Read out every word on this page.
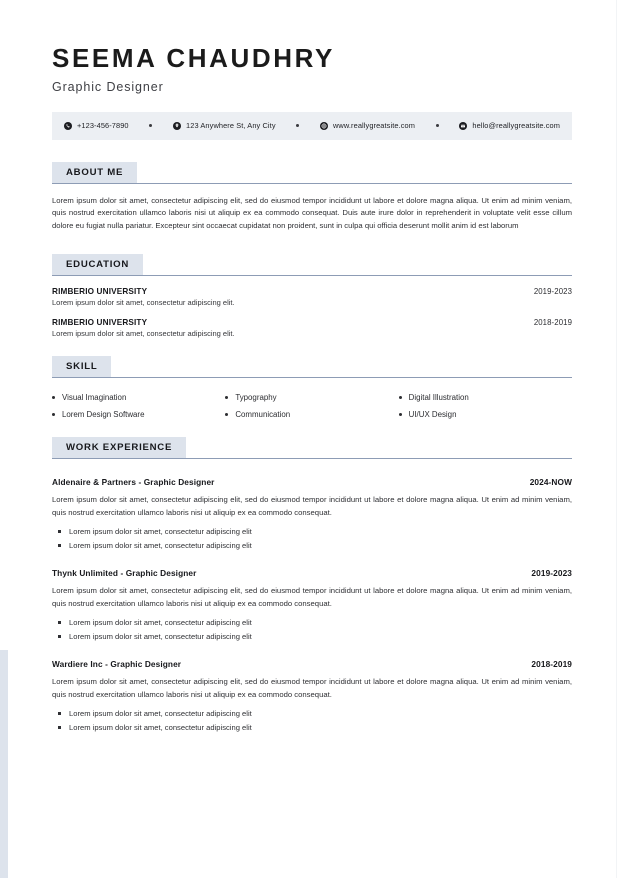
SEEMA CHAUDHRY
Graphic Designer
+123-456-7890	123 Anywhere St, Any City	www.reallygreatsite.com	hello@reallygreatsite.com
ABOUT ME

Lorem ipsum dolor sit amet, consectetur adipiscing elit, sed do eiusmod tempor incididunt ut labore et dolore magna aliqua. Ut enim ad minim veniam, quis nostrud exercitation ullamco laboris nisi ut aliquip ex ea commodo consequat. Duis aute irure dolor in reprehenderit in voluptate velit esse cillum dolore eu fugiat nulla pariatur. Excepteur sint occaecat cupidatat non proident, sunt in culpa qui officia deserunt mollit anim id est laborum

EDUCATION
RIMBERIO UNIVERSITY	2019-2023
Lorem ipsum dolor sit amet, consectetur adipiscing elit.
RIMBERIO UNIVERSITY	2018-2019
Lorem ipsum dolor sit amet, consectetur adipiscing elit.
SKILL
Visual Imagination	Typography	Digital Illustration
Lorem Design Software	Communication	UI/UX Design
WORK EXPERIENCE
Aldenaire & Partners - Graphic Designer	2024-NOW

Lorem ipsum dolor sit amet, consectetur adipiscing elit, sed do eiusmod tempor incididunt ut labore et dolore magna aliqua. Ut enim ad minim veniam, quis nostrud exercitation ullamco laboris nisi ut aliquip ex ea commodo consequat.

Lorem ipsum dolor sit amet, consectetur adipiscing elit
Lorem ipsum dolor sit amet, consectetur adipiscing elit
Thynk Unlimited - Graphic Designer	2019-2023

Lorem ipsum dolor sit amet, consectetur adipiscing elit, sed do eiusmod tempor incididunt ut labore et dolore magna aliqua. Ut enim ad minim veniam, quis nostrud exercitation ullamco laboris nisi ut aliquip ex ea commodo consequat.

Lorem ipsum dolor sit amet, consectetur adipiscing elit
Lorem ipsum dolor sit amet, consectetur adipiscing elit
Wardiere Inc - Graphic Designer	2018-2019

Lorem ipsum dolor sit amet, consectetur adipiscing elit, sed do eiusmod tempor incididunt ut labore et dolore magna aliqua. Ut enim ad minim veniam, quis nostrud exercitation ullamco laboris nisi ut aliquip ex ea commodo consequat.

Lorem ipsum dolor sit amet, consectetur adipiscing elit
Lorem ipsum dolor sit amet, consectetur adipiscing elit
